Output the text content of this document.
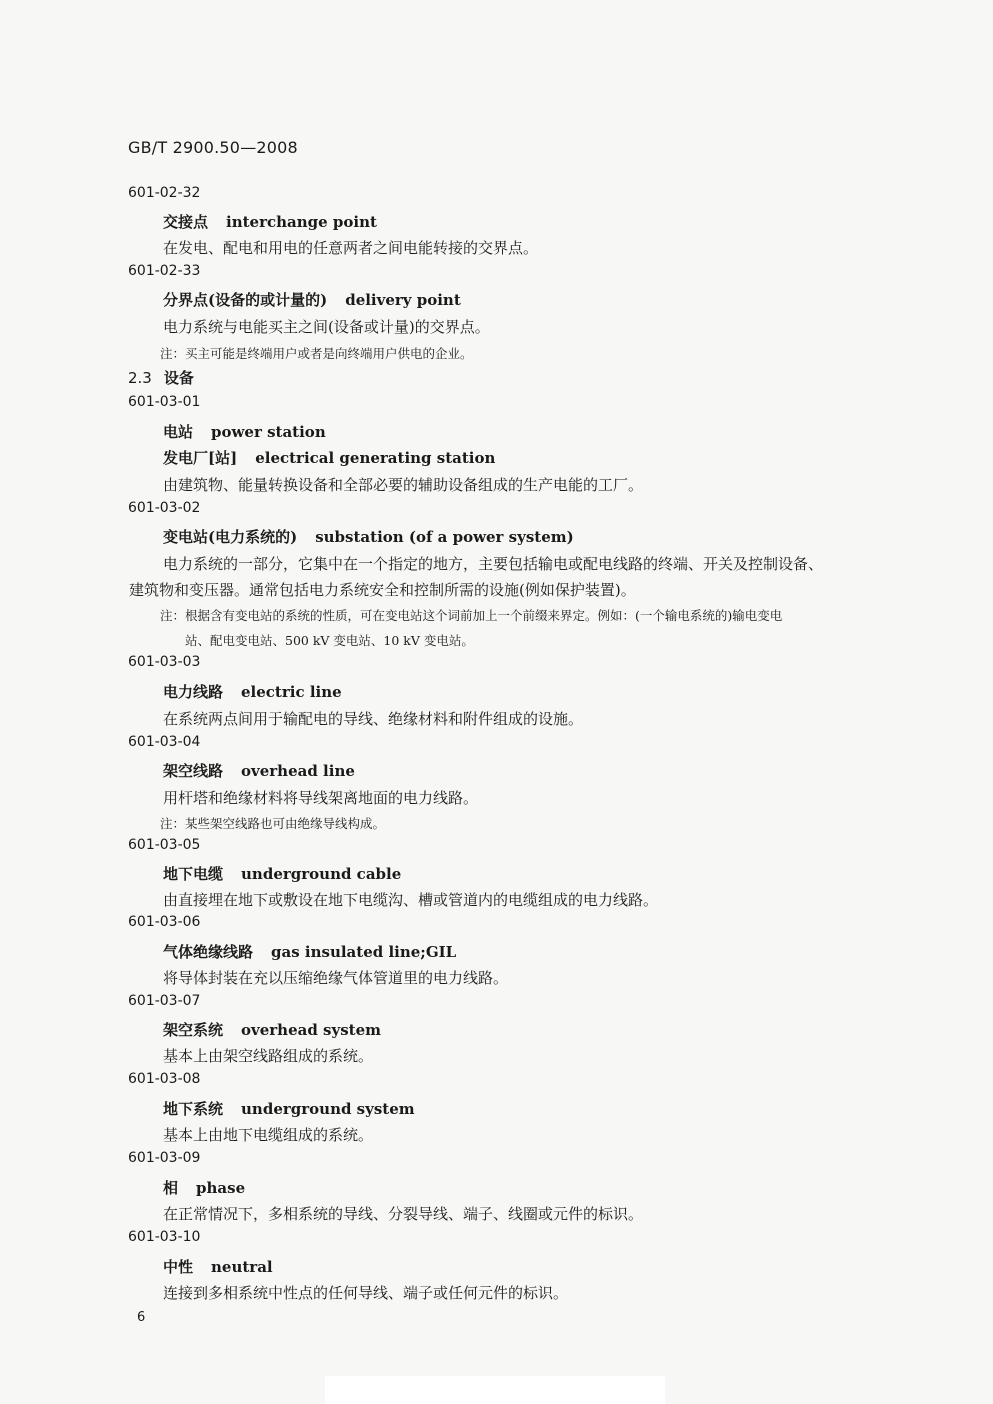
GB/T 2900.50—2008
601-02-32
交接点 interchange point
在发电、配电和用电的任意两者之间电能转接的交界点。
601-02-33
分界点(设备的或计量的) delivery point
电力系统与电能买主之间(设备或计量)的交界点。
注：买主可能是终端用户或者是向终端用户供电的企业。
2.3 设备
601-03-01
电站 power station
发电厂[站] electrical generating station
由建筑物、能量转换设备和全部必要的辅助设备组成的生产电能的工厂。
601-03-02
变电站(电力系统的) substation (of a power system)
电力系统的一部分，它集中在一个指定的地方，主要包括输电或配电线路的终端、开关及控制设备、
建筑物和变压器。通常包括电力系统安全和控制所需的设施(例如保护装置)。
注：根据含有变电站的系统的性质，可在变电站这个词前加上一个前缀来界定。例如：(一个输电系统的)输电变电
站、配电变电站、500 kV 变电站、10 kV 变电站。
601-03-03
电力线路 electric line
在系统两点间用于输配电的导线、绝缘材料和附件组成的设施。
601-03-04
架空线路 overhead line
用杆塔和绝缘材料将导线架离地面的电力线路。
注：某些架空线路也可由绝缘导线构成。
601-03-05
地下电缆 underground cable
由直接埋在地下或敷设在地下电缆沟、槽或管道内的电缆组成的电力线路。
601-03-06
气体绝缘线路 gas insulated line;GIL
将导体封装在充以压缩绝缘气体管道里的电力线路。
601-03-07
架空系统 overhead system
基本上由架空线路组成的系统。
601-03-08
地下系统 underground system
基本上由地下电缆组成的系统。
601-03-09
相 phase
在正常情况下，多相系统的导线、分裂导线、端子、线圈或元件的标识。
601-03-10
中性 neutral
连接到多相系统中性点的任何导线、端子或任何元件的标识。
6
